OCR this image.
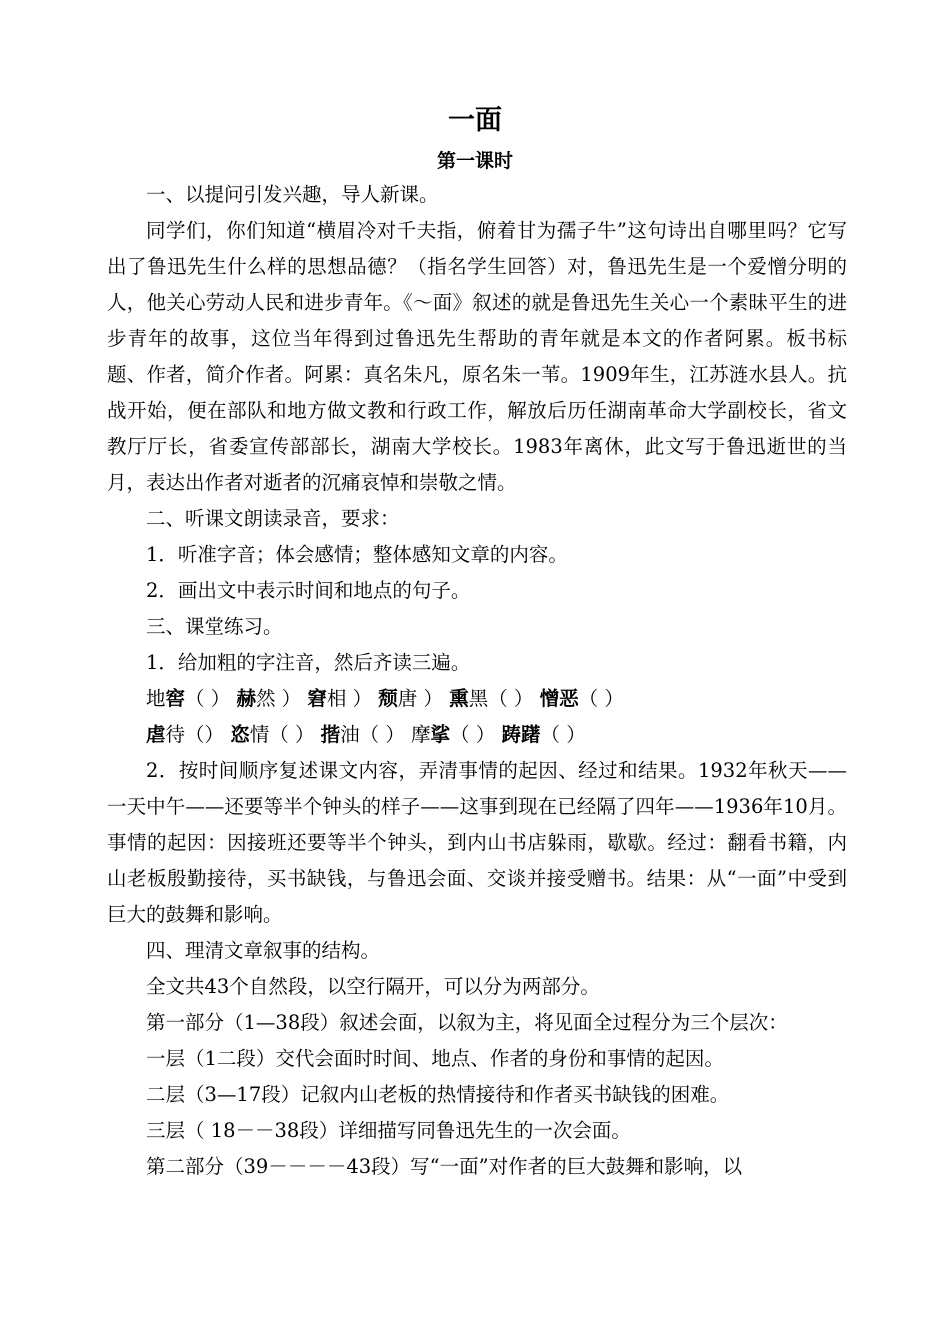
一面
第一课时

一、以提问引发兴趣，导人新课。

同学们，你们知道“横眉冷对千夫指，俯着甘为孺子牛”这句诗出自哪里吗？它写出了鲁迅先生什么样的思想品德？（指名学生回答）对，鲁迅先生是一个爱憎分明的人，他关心劳动人民和进步青年。《～面》叙述的就是鲁迅先生关心一个素昧平生的进步青年的故事，这位当年得到过鲁迅先生帮助的青年就是本文的作者阿累。板书标题、作者，简介作者。阿累：真名朱凡，原名朱一苇。1909年生，江苏涟水县人。抗战开始，便在部队和地方做文教和行政工作，解放后历任湖南革命大学副校长，省文教厅厅长，省委宣传部部长，湖南大学校长。1983年离休，此文写于鲁迅逝世的当月，表达出作者对逝者的沉痛哀悼和崇敬之情。

二、听课文朗读录音，要求：

1．听准字音；体会感情；整体感知文章的内容。

2．画出文中表示时间和地点的句子。

三、课堂练习。

1．给加粗的字注音，然后齐读三遍。

地窖（ ） 赫然 ） 窘相 ） 颓唐 ） 熏黑（ ） 憎恶（ ）

虐待（） 恣情（ ） 揩油（ ） 摩挲（ ） 踌躇（ ）

2．按时间顺序复述课文内容，弄清事情的起因、经过和结果。1932年秋天——一天中午——还要等半个钟头的样子——这事到现在已经隔了四年——1936年10月。事情的起因：因接班还要等半个钟头，到内山书店躲雨，歇歇。经过：翻看书籍，内山老板殷勤接待，买书缺钱，与鲁迅会面、交谈并接受赠书。结果：从“一面”中受到巨大的鼓舞和影响。

四、理清文章叙事的结构。

全文共43个自然段，以空行隔开，可以分为两部分。

第一部分（1—38段）叙述会面，以叙为主，将见面全过程分为三个层次：

一层（1二段）交代会面时时间、地点、作者的身份和事情的起因。

二层（3—17段）记叙内山老板的热情接待和作者买书缺钱的困难。

三层（ 18－－38段）详细描写同鲁迅先生的一次会面。

第二部分（39－－－－43段）写“一面”对作者的巨大鼓舞和影响，以
